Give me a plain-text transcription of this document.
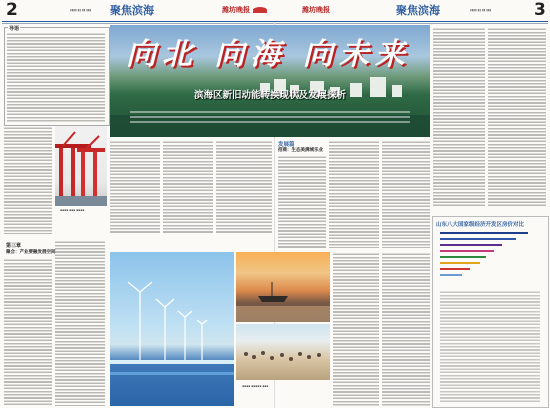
2	▮▮▮▮ ▮▮ ▮▮ ▮▮▮ 聚焦滨海	潍坊晚报	潍坊晚报	聚焦滨海	▮▮▮▮ ▮▮ ▮▮ ▮▮▮	3
导语
▪▪▪▪ ▪▪▪ ▪▪▪▪
第三章
聚合：产业要融发展空间
向北 向海 向未来
滨海区新旧动能转换现状及发展探析
发展篇
招商：生态美满城乐业
▪▪▪▪ ▪▪▪▪▪ ▪▪▪
山东八大国家级经济开发区房价对比
